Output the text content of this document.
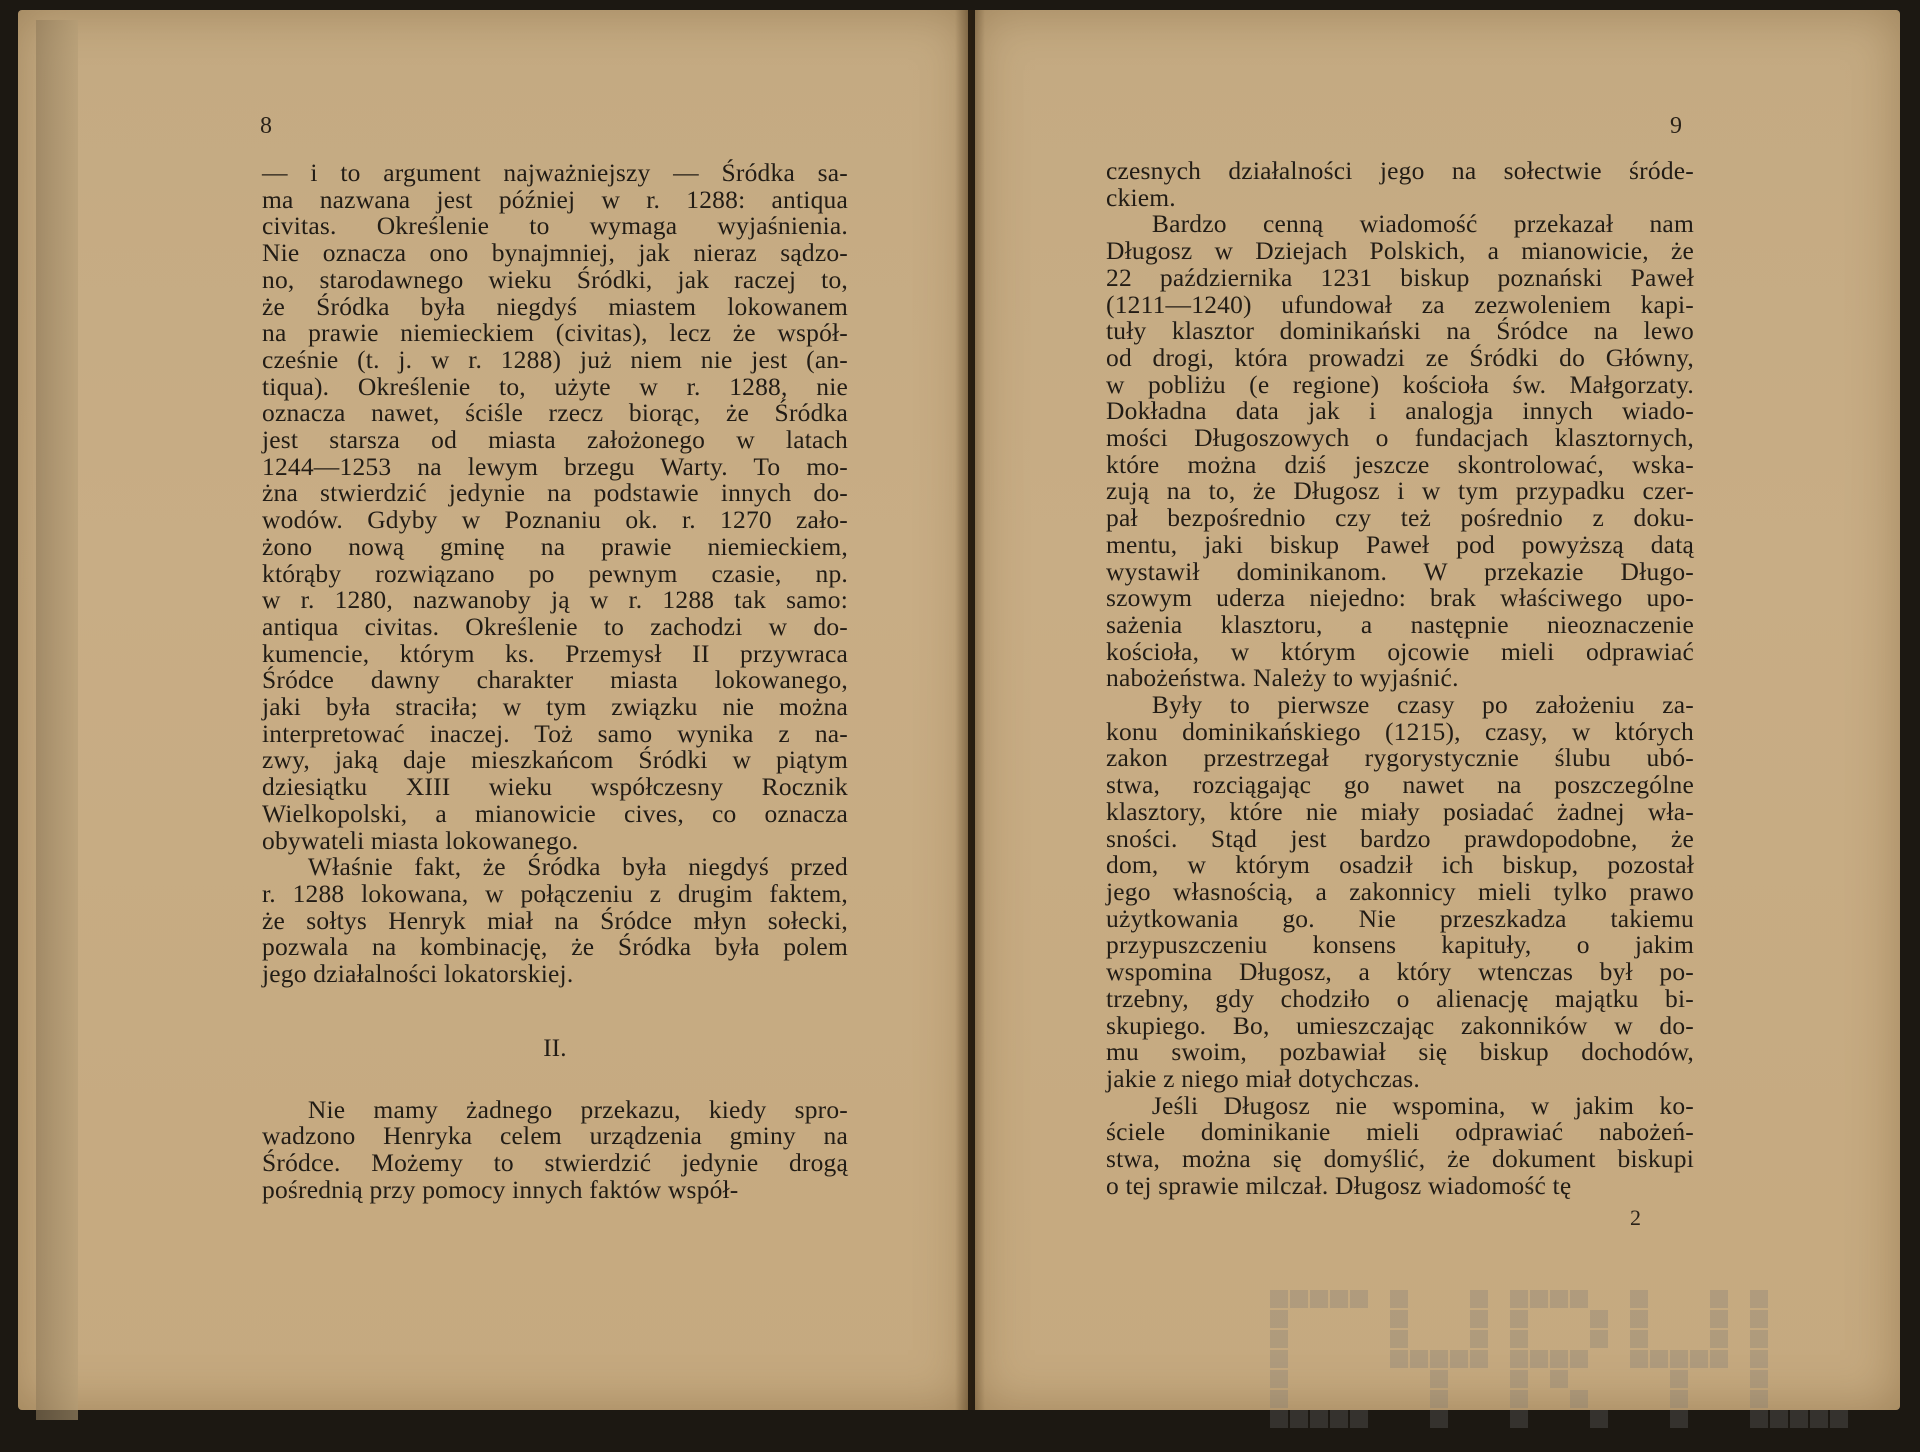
8
— i to argument najważniejszy — Śródka sa-
ma nazwana jest później w r. 1288: antiqua
civitas. Określenie to wymaga wyjaśnienia.
Nie oznacza ono bynajmniej, jak nieraz sądzo-
no, starodawnego wieku Śródki, jak raczej to,
że Śródka była niegdyś miastem lokowanem
na prawie niemieckiem (civitas), lecz że współ-
cześnie (t. j. w r. 1288) już niem nie jest (an-
tiqua). Określenie to, użyte w r. 1288, nie
oznacza nawet, ściśle rzecz biorąc, że Śródka
jest starsza od miasta założonego w latach
1244—1253 na lewym brzegu Warty. To mo-
żna stwierdzić jedynie na podstawie innych do-
wodów. Gdyby w Poznaniu ok. r. 1270 zało-
żono nową gminę na prawie niemieckiem,
którąby rozwiązano po pewnym czasie, np.
w r. 1280, nazwanoby ją w r. 1288 tak samo:
antiqua civitas. Określenie to zachodzi w do-
kumencie, którym ks. Przemysł II przywraca
Śródce dawny charakter miasta lokowanego,
jaki była straciła; w tym związku nie można
interpretować inaczej. Toż samo wynika z na-
zwy, jaką daje mieszkańcom Śródki w piątym
dziesiątku XIII wieku współczesny Rocznik
Wielkopolski, a mianowicie cives, co oznacza
obywateli miasta lokowanego.
Właśnie fakt, że Śródka była niegdyś przed
r. 1288 lokowana, w połączeniu z drugim faktem,
że sołtys Henryk miał na Śródce młyn sołecki,
pozwala na kombinację, że Śródka była polem
jego działalności lokatorskiej.
II.
Nie mamy żadnego przekazu, kiedy spro-
wadzono Henryka celem urządzenia gminy na
Śródce. Możemy to stwierdzić jedynie drogą
pośrednią przy pomocy innych faktów współ-
9
czesnych działalności jego na sołectwie śróde-
ckiem.
Bardzo cenną wiadomość przekazał nam
Długosz w Dziejach Polskich, a mianowicie, że
22 października 1231 biskup poznański Paweł
(1211—1240) ufundował za zezwoleniem kapi-
tuły klasztor dominikański na Śródce na lewo
od drogi, która prowadzi ze Śródki do Główny,
w pobliżu (e regione) kościoła św. Małgorzaty.
Dokładna data jak i analogja innych wiado-
mości Długoszowych o fundacjach klasztornych,
które można dziś jeszcze skontrolować, wska-
zują na to, że Długosz i w tym przypadku czer-
pał bezpośrednio czy też pośrednio z doku-
mentu, jaki biskup Paweł pod powyższą datą
wystawił dominikanom. W przekazie Długo-
szowym uderza niejedno: brak właściwego upo-
sażenia klasztoru, a następnie nieoznaczenie
kościoła, w którym ojcowie mieli odprawiać
nabożeństwa. Należy to wyjaśnić.
Były to pierwsze czasy po założeniu za-
konu dominikańskiego (1215), czasy, w których
zakon przestrzegał rygorystycznie ślubu ubó-
stwa, rozciągając go nawet na poszczególne
klasztory, które nie miały posiadać żadnej wła-
sności. Stąd jest bardzo prawdopodobne, że
dom, w którym osadził ich biskup, pozostał
jego własnością, a zakonnicy mieli tylko prawo
użytkowania go. Nie przeszkadza takiemu
przypuszczeniu konsens kapituły, o jakim
wspomina Długosz, a który wtenczas był po-
trzebny, gdy chodziło o alienację majątku bi-
skupiego. Bo, umieszczając zakonników w do-
mu swoim, pozbawiał się biskup dochodów,
jakie z niego miał dotychczas.
Jeśli Długosz nie wspomina, w jakim ko-
ściele dominikanie mieli odprawiać nabożeń-
stwa, można się domyślić, że dokument biskupi
o tej sprawie milczał. Długosz wiadomość tę
2
